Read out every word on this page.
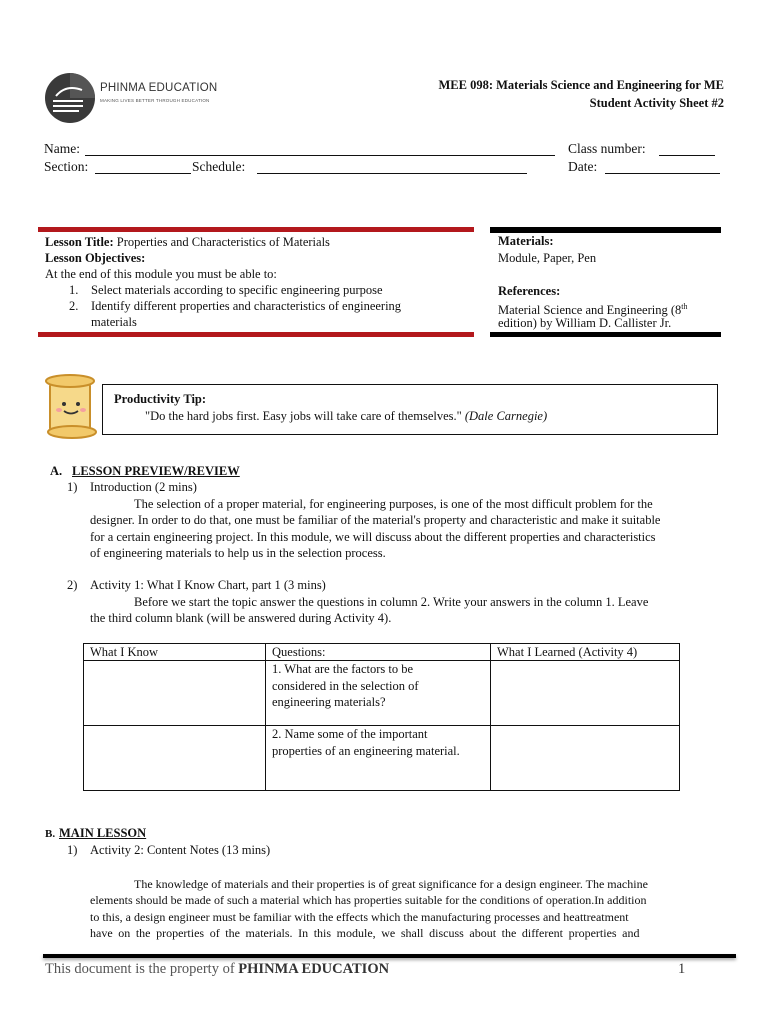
PHINMA EDUCATION
MAKING LIVES BETTER THROUGH EDUCATION
MEE 098: Materials Science and Engineering for ME
Student Activity Sheet #2
Name:	Class number:
Section:	Schedule:	Date:
Lesson Title: Properties and Characteristics of Materials
Lesson Objectives:
At the end of this module you must be able to:
1. Select materials according to specific engineering purpose
2. Identify different properties and characteristics of engineering
materials
Materials:
Module, Paper, Pen
References:
Material Science and Engineering (8th
edition) by William D. Callister Jr.
Productivity Tip:
"Do the hard jobs first. Easy jobs will take care of themselves." (Dale Carnegie)
A. LESSON PREVIEW/REVIEW
1) Introduction (2 mins)
The selection of a proper material, for engineering purposes, is one of the most difficult problem for the
designer. In order to do that, one must be familiar of the material's property and characteristic and make it suitable
for a certain engineering project. In this module, we will discuss about the different properties and characteristics
of engineering materials to help us in the selection process.
2) Activity 1: What I Know Chart, part 1 (3 mins)
Before we start the topic answer the questions in column 2. Write your answers in the column 1. Leave
the third column blank (will be answered during Activity 4).
What I Know	Questions:	What I Learned (Activity 4)

	1. What are the factors to be
considered in the selection of
engineering materials?	

	2. Name some of the important
properties of an engineering material.	

B. MAIN LESSON
1) Activity 2: Content Notes (13 mins)
The knowledge of materials and their properties is of great significance for a design engineer. The machine
elements should be made of such a material which has properties suitable for the conditions of operation.In addition
to this, a design engineer must be familiar with the effects which the manufacturing processes and heattreatment
have on the properties of the materials. In this module, we shall discuss about the different properties and
This document is the property of PHINMA EDUCATION	1
